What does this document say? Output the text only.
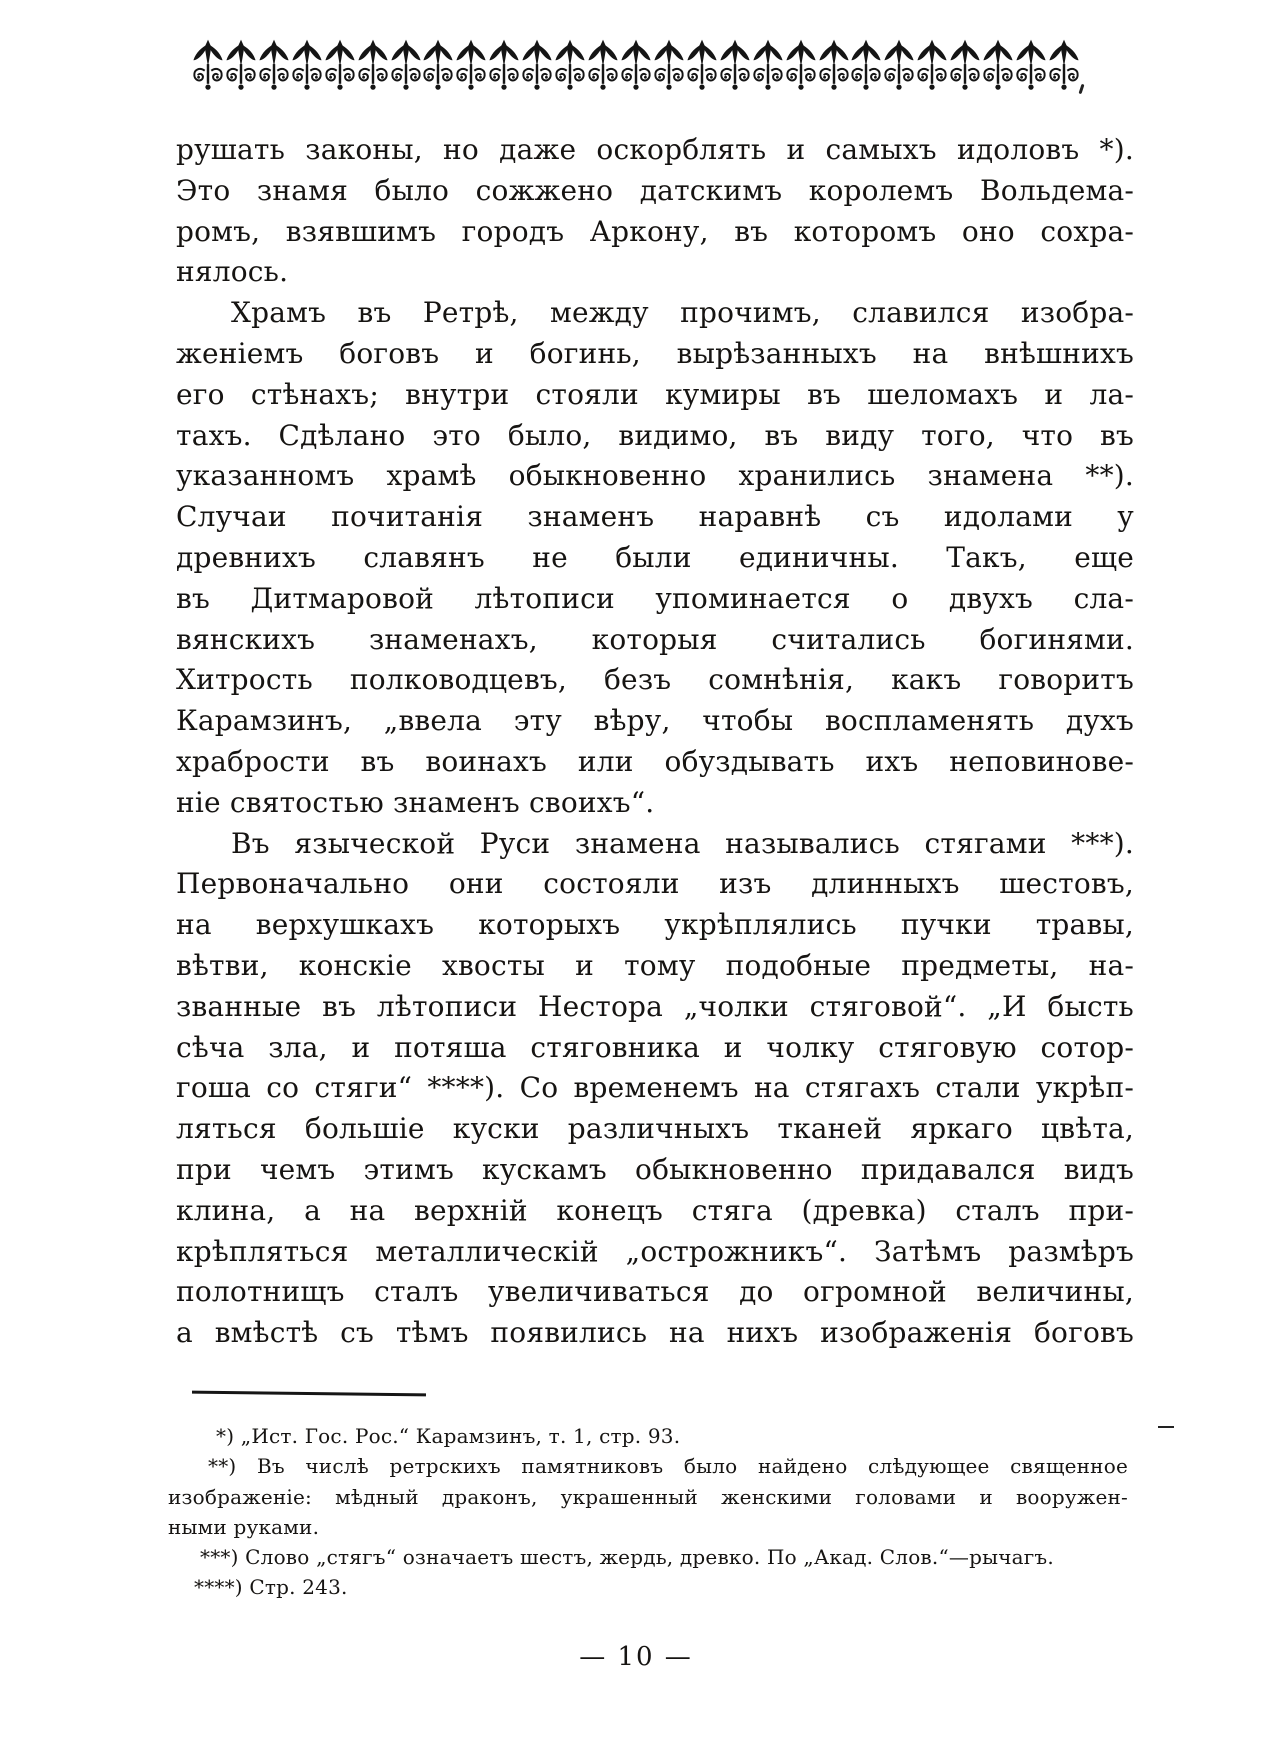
рушать законы, но даже оскорблять и самыхъ идоловъ *).
Это знамя было сожжено датскимъ королемъ Вольдема-
ромъ, взявшимъ городъ Аркону, въ которомъ оно сохра-
нялось.
Храмъ въ Ретрѣ, между прочимъ, славился изобра-
женіемъ боговъ и богинь, вырѣзанныхъ на внѣшнихъ
его стѣнахъ; внутри стояли кумиры въ шеломахъ и ла-
тахъ. Сдѣлано это было, видимо, въ виду того, что въ
указанномъ храмѣ обыкновенно хранились знамена **).
Случаи почитанія знаменъ наравнѣ съ идолами у
древнихъ славянъ не были единичны. Такъ, еще
въ Дитмаровой лѣтописи упоминается о двухъ сла-
вянскихъ знаменахъ, которыя считались богинями.
Хитрость полководцевъ, безъ сомнѣнія, какъ говоритъ
Карамзинъ, „ввела эту вѣру, чтобы воспламенять духъ
храбрости въ воинахъ или обуздывать ихъ неповинове-
ніе святостью знаменъ своихъ“.
Въ языческой Руси знамена назывались стягами ***).
Первоначально они состояли изъ длинныхъ шестовъ,
на верхушкахъ которыхъ укрѣплялись пучки травы,
вѣтви, конскіе хвосты и тому подобные предметы, на-
званные въ лѣтописи Нестора „чолки стяговой“. „И бысть
сѣча зла, и потяша стяговника и чолку стяговую сотор-
гоша со стяги“ ****). Со временемъ на стягахъ стали укрѣп-
ляться большіе куски различныхъ тканей яркаго цвѣта,
при чемъ этимъ кускамъ обыкновенно придавался видъ
клина, а на верхній конецъ стяга (древка) сталъ при-
крѣпляться металлическій „острожникъ“. Затѣмъ размѣръ
полотнищъ сталъ увеличиваться до огромной величины,
а вмѣстѣ съ тѣмъ появились на нихъ изображенія боговъ
*) „Ист. Гос. Рос.“ Карамзинъ, т. 1, стр. 93.
**) Въ числѣ ретрскихъ памятниковъ было найдено слѣдующее священное
изображеніе: мѣдный драконъ, украшенный женскими головами и вооружен-
ными руками.
***) Слово „стягъ“ означаетъ шестъ, жердь, древко. По „Акад. Слов.“—рычагъ.
****) Стр. 243.
— 10 —
